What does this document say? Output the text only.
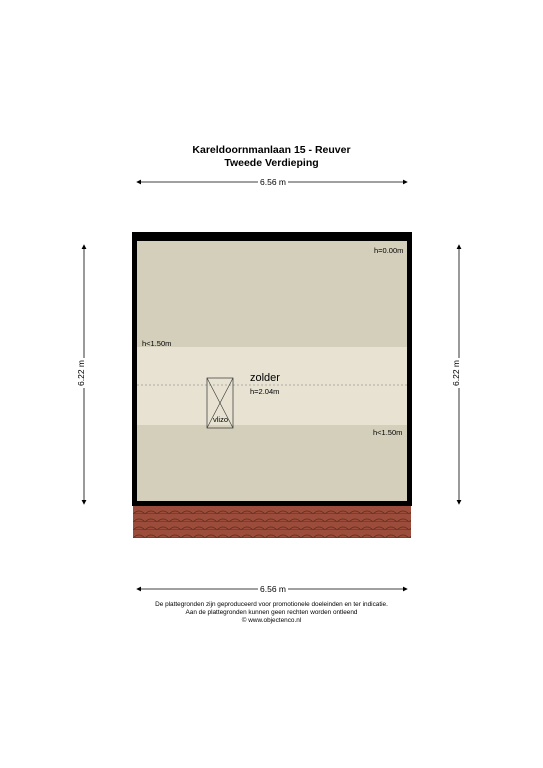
Kareldoornmanlaan 15 - Reuver
Tweede Verdieping
6.56 m
6.56 m
6.22 m	6.22 m
h=0.00m
h<1.50m
h<1.50m
zolder
h=2.04m
vlizo
De plattegronden zijn geproduceerd voor promotionele doeleinden en ter indicatie.
Aan de plattegronden kunnen geen rechten worden ontleend
© www.objectenco.nl
